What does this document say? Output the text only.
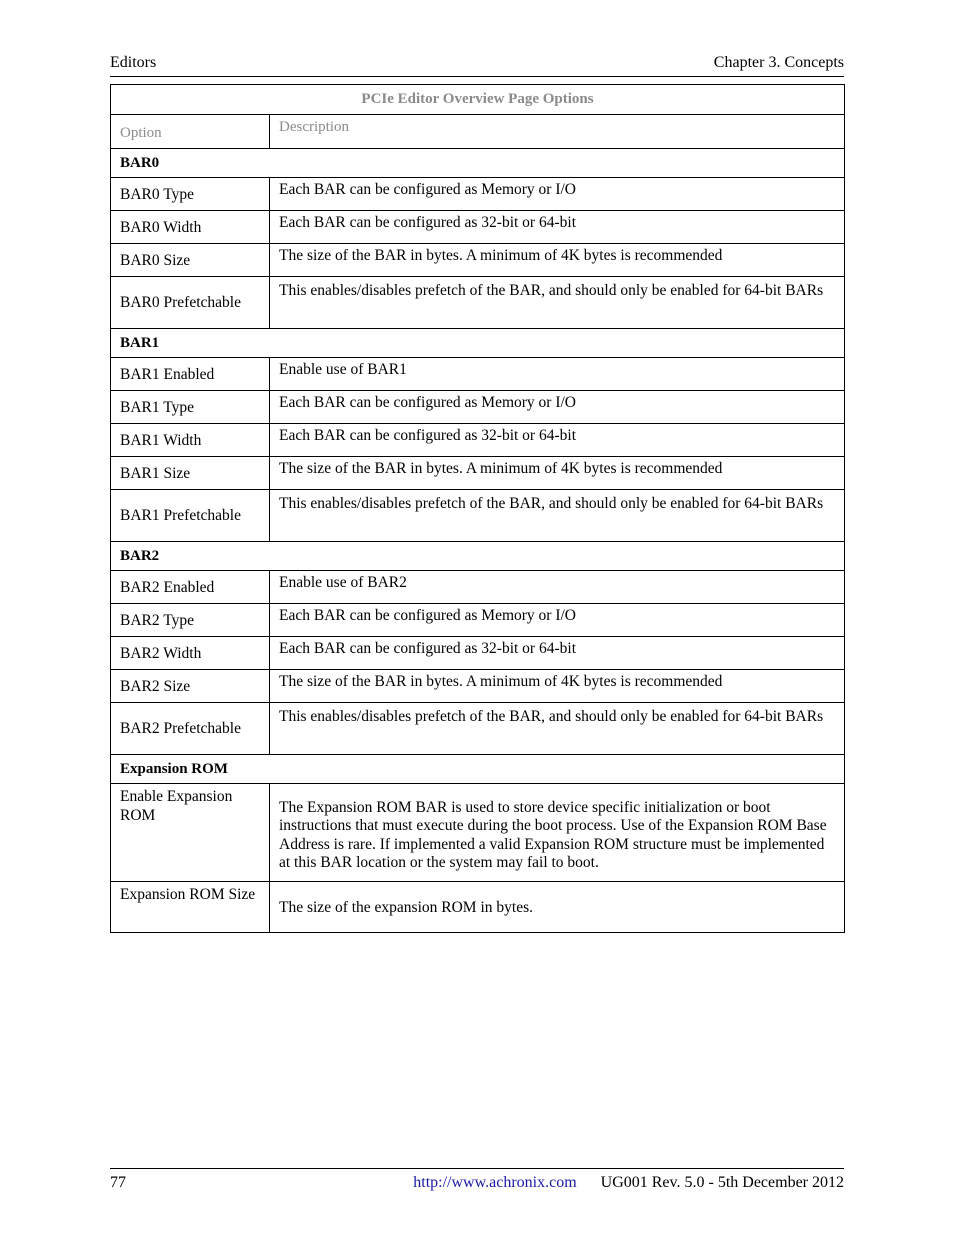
Editors	Chapter 3. Concepts
PCIe Editor Overview Page Options	
Option	Description
BAR0	
BAR0 Type	Each BAR can be configured as Memory or I/O
BAR0 Width	Each BAR can be configured as 32-bit or 64-bit
BAR0 Size	The size of the BAR in bytes. A minimum of 4K bytes is recommended
BAR0 Prefetchable	This enables/disables prefetch of the BAR, and should only be enabled for 64-bit BARs
BAR1	
BAR1 Enabled	Enable use of BAR1
BAR1 Type	Each BAR can be configured as Memory or I/O
BAR1 Width	Each BAR can be configured as 32-bit or 64-bit
BAR1 Size	The size of the BAR in bytes. A minimum of 4K bytes is recommended
BAR1 Prefetchable	This enables/disables prefetch of the BAR, and should only be enabled for 64-bit BARs
BAR2	
BAR2 Enabled	Enable use of BAR2
BAR2 Type	Each BAR can be configured as Memory or I/O
BAR2 Width	Each BAR can be configured as 32-bit or 64-bit
BAR2 Size	The size of the BAR in bytes. A minimum of 4K bytes is recommended
BAR2 Prefetchable	This enables/disables prefetch of the BAR, and should only be enabled for 64-bit BARs
Expansion ROM	
Enable Expansion ROM	The Expansion ROM BAR is used to store device specific initialization or boot instructions that must execute during the boot process. Use of the Expansion ROM Base Address is rare. If implemented a valid Expansion ROM structure must be implemented at this BAR location or the system may fail to boot.
Expansion ROM Size	The size of the expansion ROM in bytes.
77	http://www.achronix.com UG001 Rev. 5.0 - 5th December 2012
